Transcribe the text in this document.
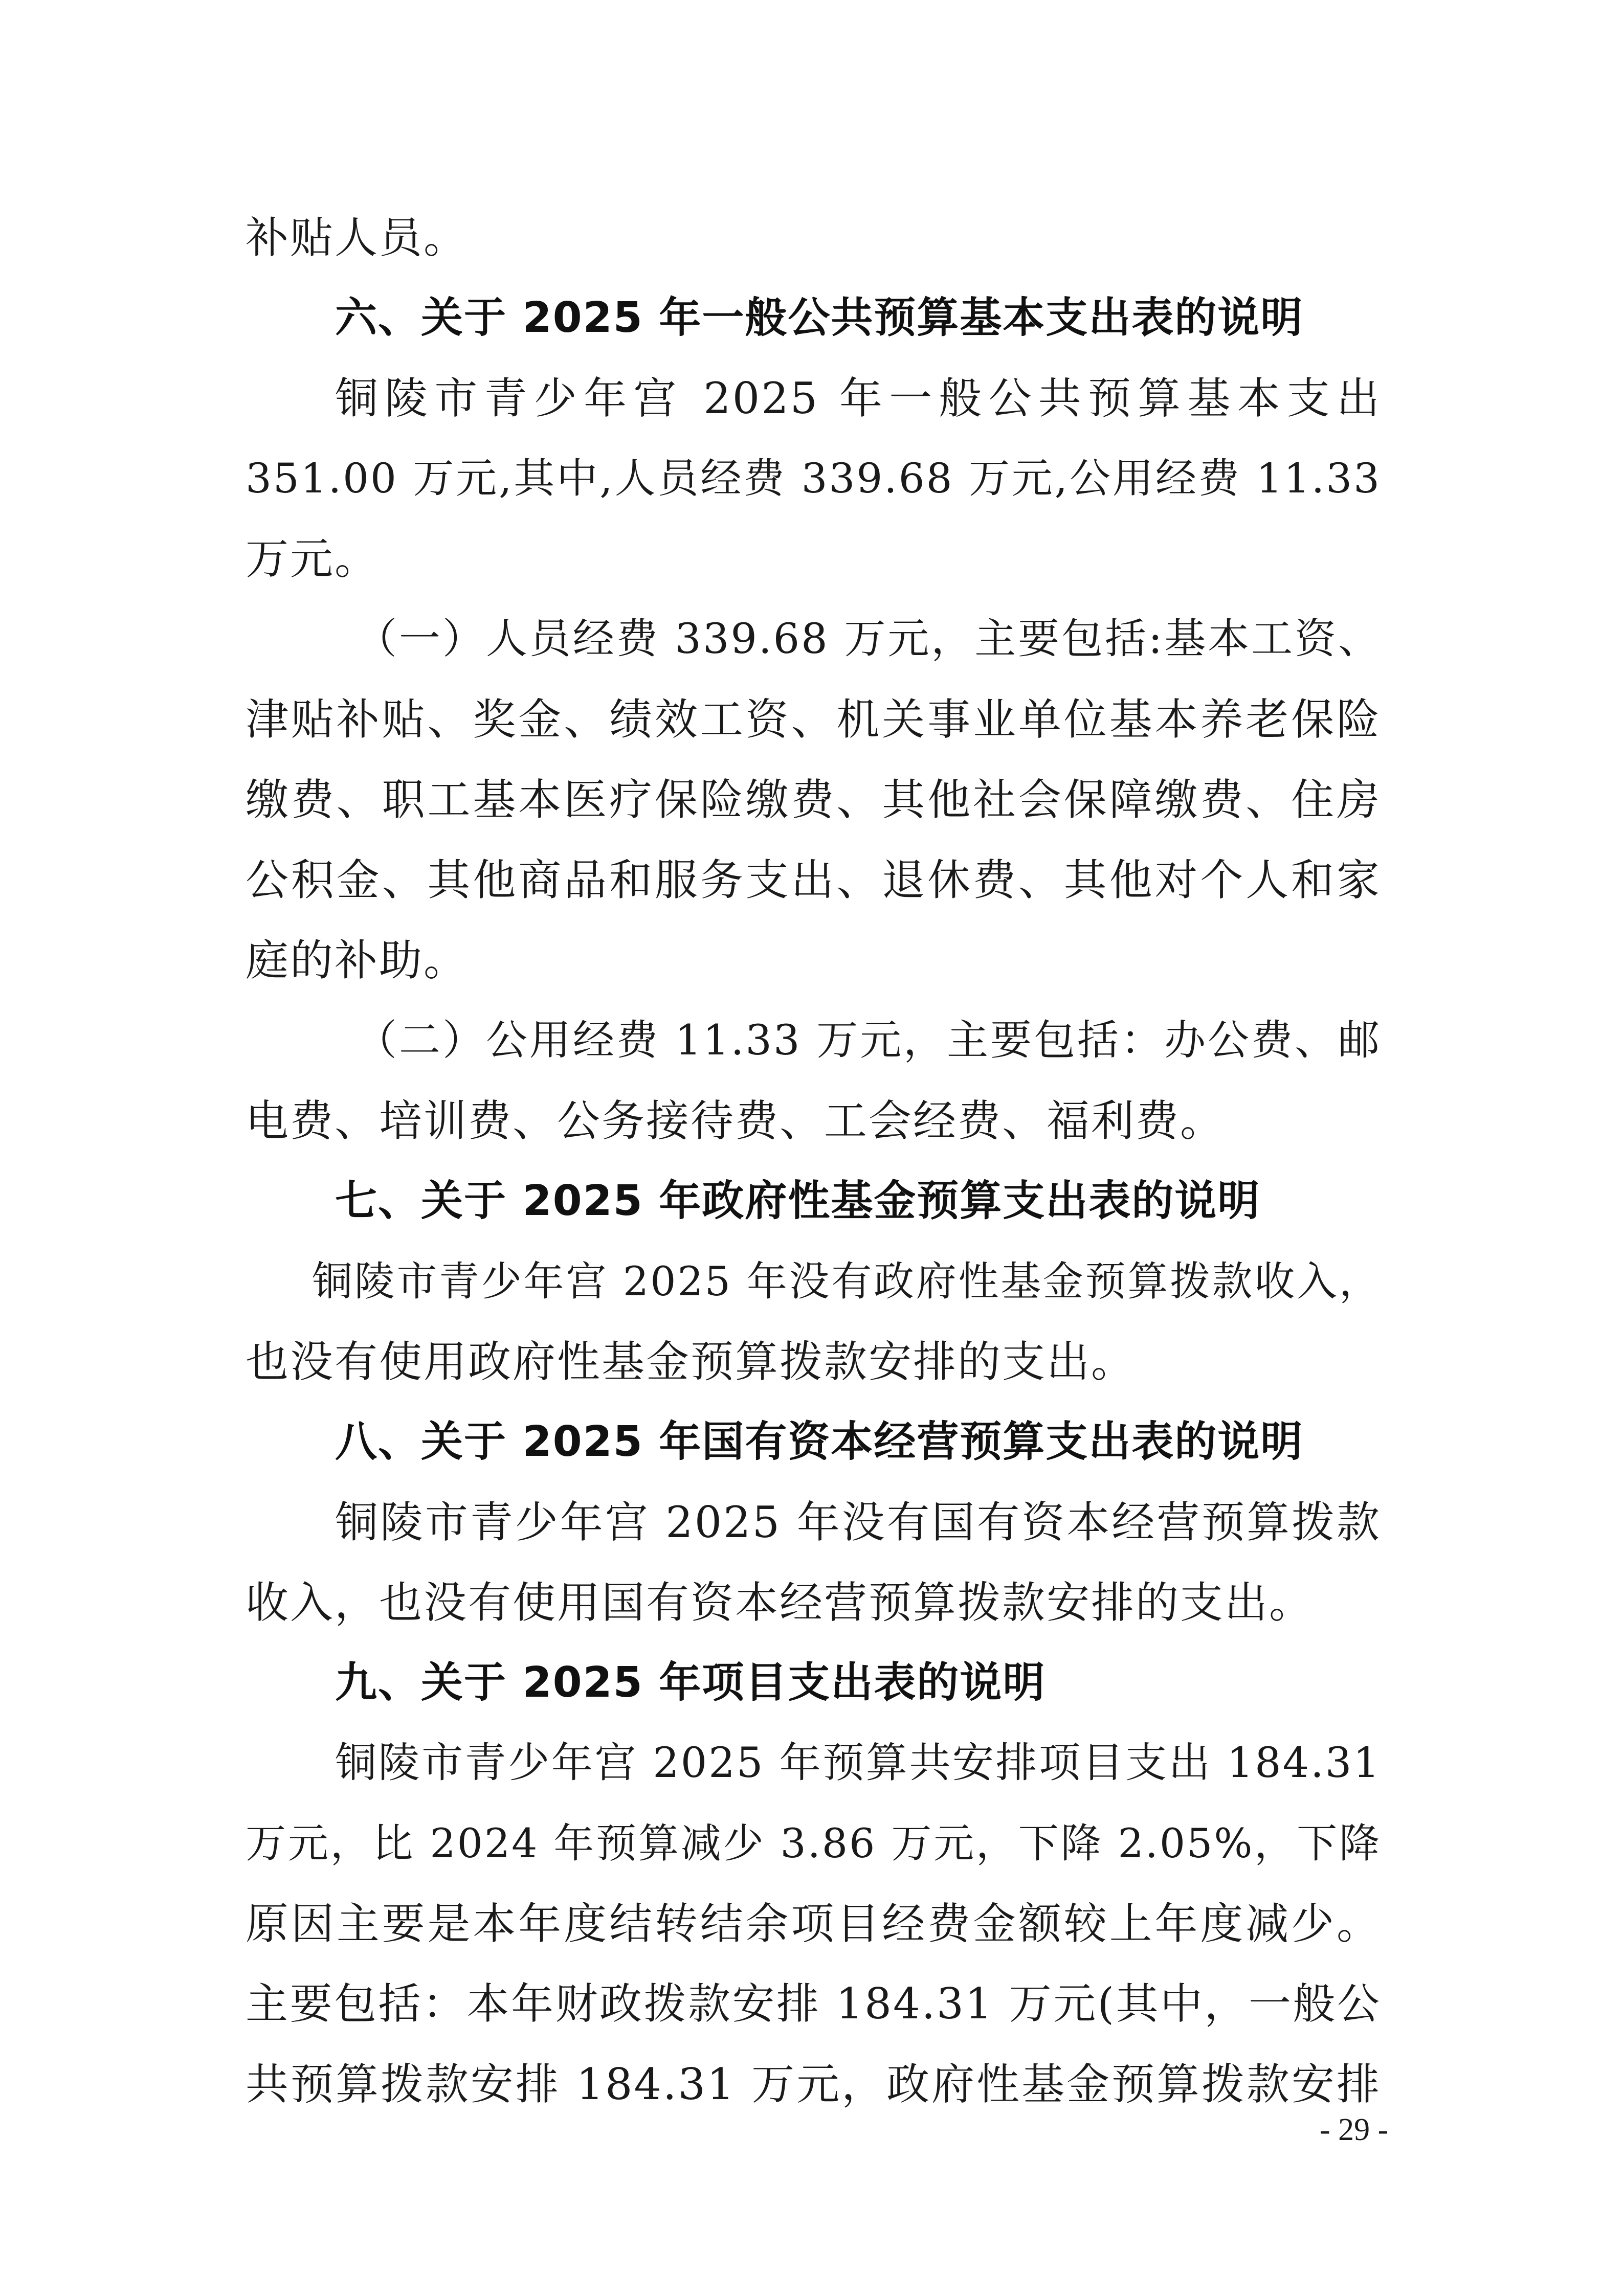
补贴人员。

六、关于 2025 年一般公共预算基本支出表的说明

铜陵市青少年宫 2025 年一般公共预算基本支出

351.00 万元,其中,人员经费 339.68 万元,公用经费 11.33

万元。

（一）人员经费 339.68 万元，主要包括:基本工资、

津贴补贴、奖金、绩效工资、机关事业单位基本养老保险

缴费、职工基本医疗保险缴费、其他社会保障缴费、住房

公积金、其他商品和服务支出、退休费、其他对个人和家

庭的补助。

（二）公用经费 11.33 万元，主要包括：办公费、邮

电费、培训费、公务接待费、工会经费、福利费。

七、关于 2025 年政府性基金预算支出表的说明

铜陵市青少年宫 2025 年没有政府性基金预算拨款收入，

也没有使用政府性基金预算拨款安排的支出。

八、关于 2025 年国有资本经营预算支出表的说明

铜陵市青少年宫 2025 年没有国有资本经营预算拨款

收入，也没有使用国有资本经营预算拨款安排的支出。

九、关于 2025 年项目支出表的说明

铜陵市青少年宫 2025 年预算共安排项目支出 184.31

万元，比 2024 年预算减少 3.86 万元，下降 2.05%，下降

原因主要是本年度结转结余项目经费金额较上年度减少。

主要包括：本年财政拨款安排 184.31 万元(其中，一般公

共预算拨款安排 184.31 万元，政府性基金预算拨款安排

- 29 -
